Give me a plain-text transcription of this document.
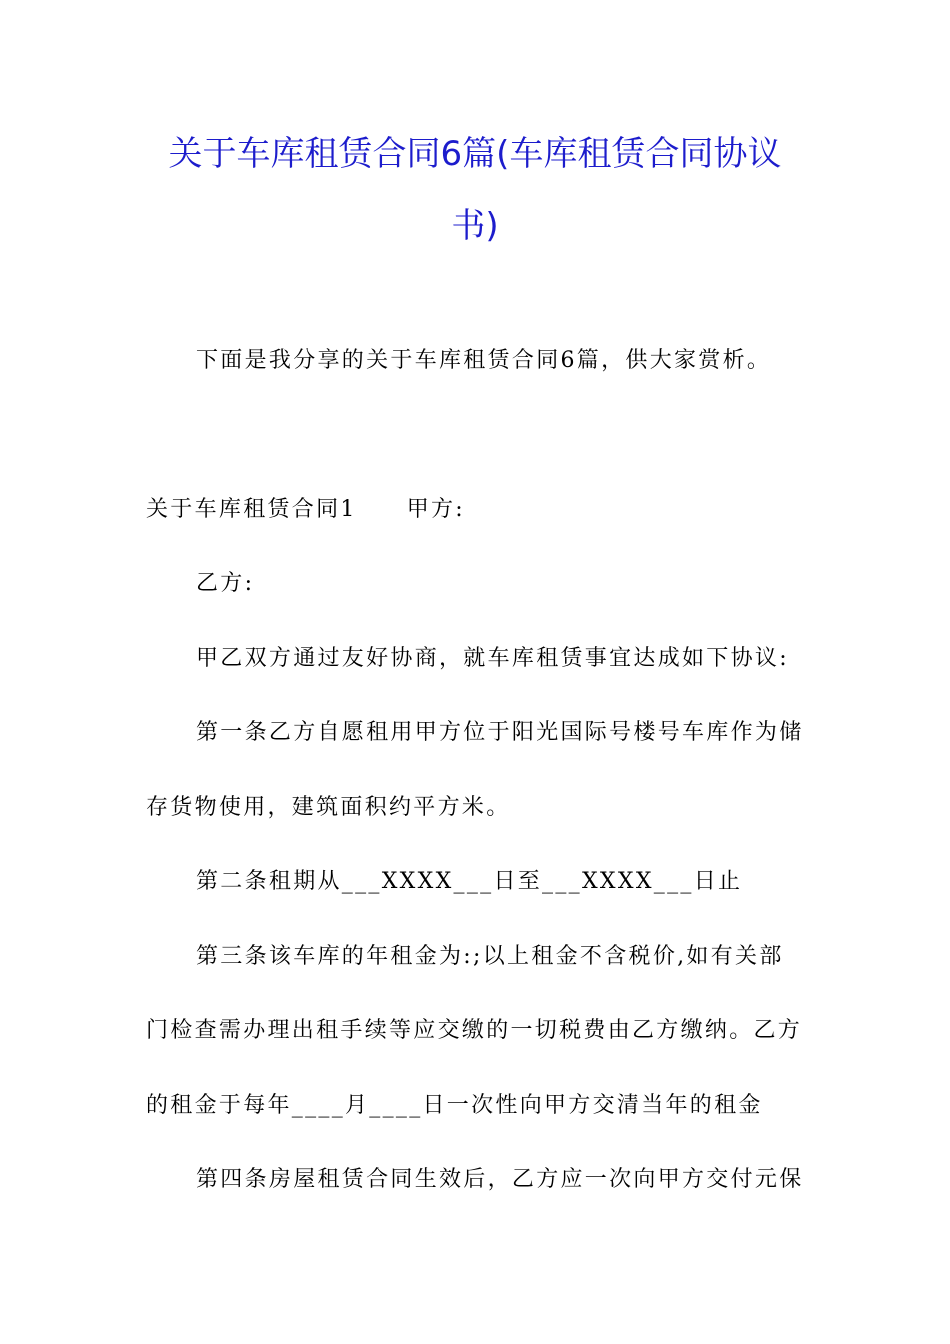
关于车库租赁合同6篇(车库租赁合同协议
书)
下面是我分享的关于车库租赁合同6篇，供大家赏析。
关于车库租赁合同1 甲方:
乙方:
甲乙双方通过友好协商，就车库租赁事宜达成如下协议:
第一条乙方自愿租用甲方位于阳光国际号楼号车库作为储
存货物使用，建筑面积约平方米。
第二条租期从___XXXX___日至___XXXX___日止
第三条该车库的年租金为:;以上租金不含税价,如有关部
门检查需办理出租手续等应交缴的一切税费由乙方缴纳。乙方
的租金于每年____月____日一次性向甲方交清当年的租金
第四条房屋租赁合同生效后，乙方应一次向甲方交付元保
